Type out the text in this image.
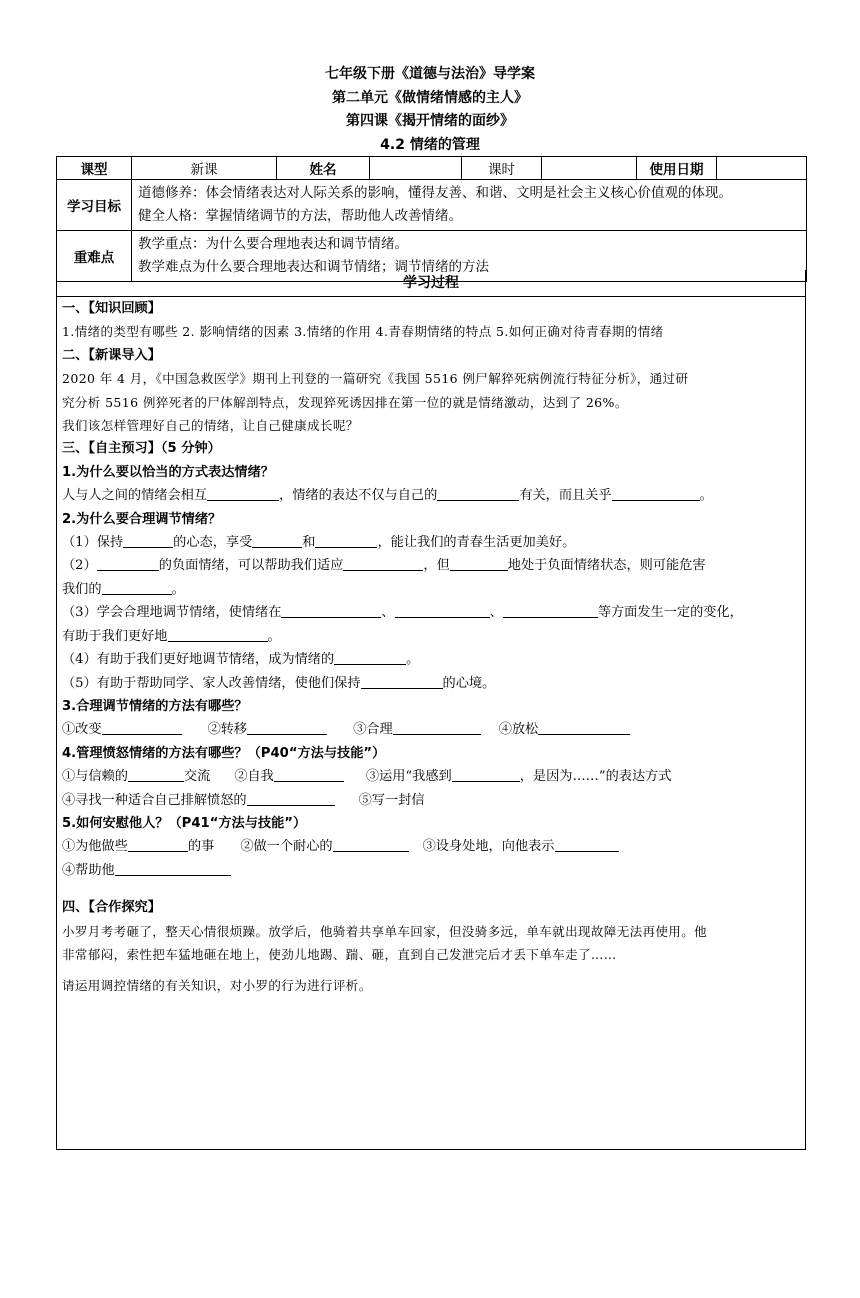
七年级下册《道德与法治》导学案
第二单元《做情绪情感的主人》
第四课《揭开情绪的面纱》
4.2 情绪的管理
课型	新课	姓名		课时		使用日期	
学习目标	道德修养：体会情绪表达对人际关系的影响，懂得友善、和谐、文明是社会主义核心价值观的体现。
健全人格：掌握情绪调节的方法，帮助他人改善情绪。						

重难点	教学重点：为什么要合理地表达和调节情绪。
教学难点为什么要合理地表达和调节情绪；调节情绪的方法						
学习过程
一、【知识回顾】
1.情绪的类型有哪些 2. 影响情绪的因素 3.情绪的作用 4.青春期情绪的特点 5.如何正确对待青春期的情绪
二、【新课导入】
2020 年 4 月，《中国急救医学》期刊上刊登的一篇研究《我国 5516 例尸解猝死病例流行特征分析》，通过研
究分析 5516 例猝死者的尸体解剖特点，发现猝死诱因排在第一位的就是情绪激动，达到了 26%。
我们该怎样管理好自己的情绪，让自己健康成长呢？
三、【自主预习】（5 分钟）
1.为什么要以恰当的方式表达情绪？
人与人之间的情绪会相互	，情绪的表达不仅与自己的	有关，而且关乎	。
2.为什么要合理调节情绪？
（1）保持	的心态，享受	和	，能让我们的青春生活更加美好。
（2）	的负面情绪，可以帮助我们适应	，但	地处于负面情绪状态，则可能危害
我们的	。
（3）学会合理地调节情绪，使情绪在	、	、	等方面发生一定的变化，
有助于我们更好地	。
（4）有助于我们更好地调节情绪，成为情绪的	。
（5）有助于帮助同学、家人改善情绪，使他们保持	的心境。
3.合理调节情绪的方法有哪些？
①改变	②转移	③合理	④放松
4.管理愤怒情绪的方法有哪些？（P40“方法与技能”）
①与信赖的	交流 ②自我	③运用“我感到	，是因为……”的表达方式
④寻找一种适合自己排解愤怒的	⑤写一封信
5.如何安慰他人？（P41“方法与技能”）
①为他做些	的事 ②做一个耐心的	③设身处地，向他表示
④帮助他
四、【合作探究】
小罗月考考砸了，整天心情很烦躁。放学后，他骑着共享单车回家，但没骑多远，单车就出现故障无法再使用。他
非常郁闷，索性把车猛地砸在地上，使劲儿地踢、踹、砸，直到自己发泄完后才丢下单车走了……
请运用调控情绪的有关知识，对小罗的行为进行评析。
